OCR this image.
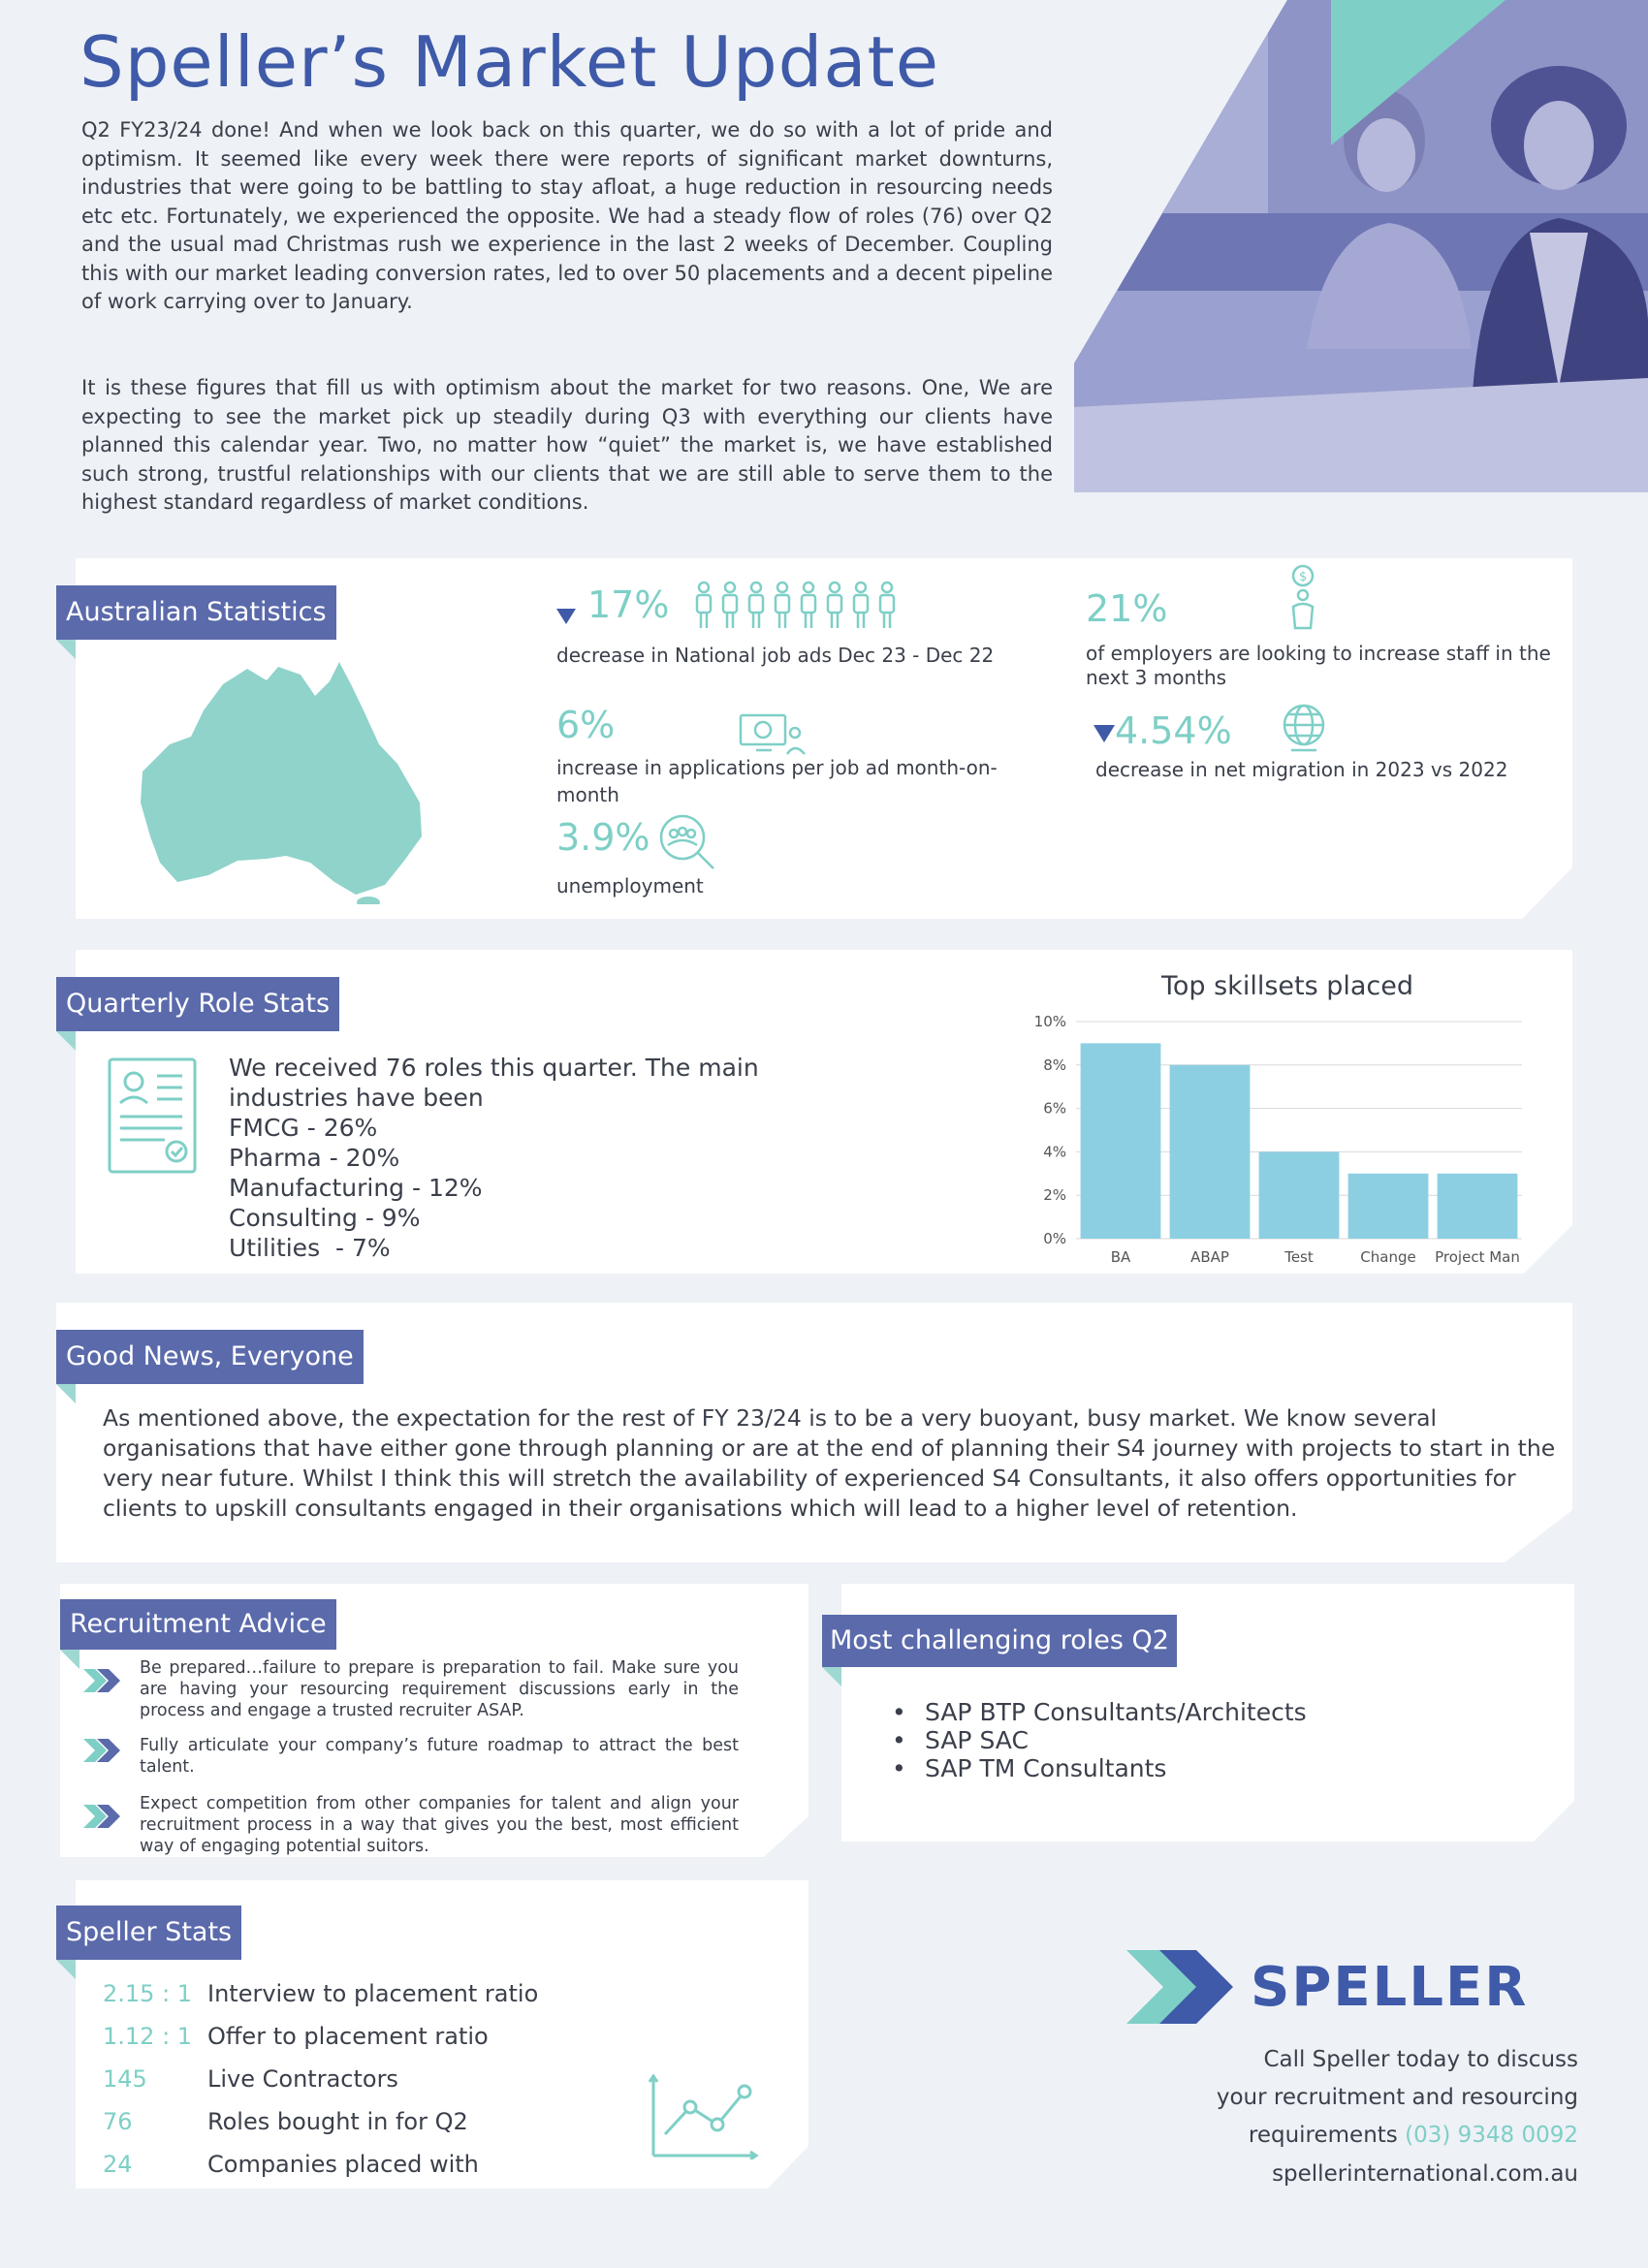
Speller’s Market Update
Q2 FY23/24 done! And when we look back on this quarter, we do so with a lot of pride and optimism. It seemed like every week there were reports of significant market downturns, industries that were going to be battling to stay afloat, a huge reduction in resourcing needs etc etc. Fortunately, we experienced the opposite. We had a steady flow of roles (76) over Q2 and the usual mad Christmas rush we experience in the last 2 weeks of December. Coupling this with our market leading conversion rates, led to over 50 placements and a decent pipeline of work carrying over to January.
It is these figures that fill us with optimism about the market for two reasons. One, We are expecting to see the market pick up steadily during Q3 with everything our clients have planned this calendar year. Two, no matter how “quiet” the market is, we have established such strong, trustful relationships with our clients that we are still able to serve them to the highest standard regardless of market conditions.
Australian Statistics	17%
decrease in National job ads Dec 23 - Dec 22
21%
$
of employers are looking to increase staff in the next 3 months
6%
increase in applications per job ad month-on-month
4.54%
decrease in net migration in 2023 vs 2022
3.9%
unemployment
Quarterly Role Stats
We received 76 roles this quarter. The main
industries have been
FMCG - 26%
Pharma - 20%
Manufacturing - 12%
Consulting - 9%
Utilities  - 7%
Top skillsets placed
0%
2%
4%
6%
8%
10%
BA	ABAP	Test	Change Project Man
Good News, Everyone
As mentioned above, the expectation for the rest of FY 23/24 is to be a very buoyant, busy market. We know several organisations that have either gone through planning or are at the end of planning their S4 journey with projects to start in the very near future. Whilst I think this will stretch the availability of experienced S4 Consultants, it also offers opportunities for clients to upskill consultants engaged in their organisations which will lead to a higher level of retention.
Recruitment Advice
Be prepared…failure to prepare is preparation to fail. Make sure you are having your resourcing requirement discussions early in the process and engage a trusted recruiter ASAP.
Fully articulate your company’s future roadmap to attract the best talent.
Expect competition from other companies for talent and align your recruitment process in a way that gives you the best, most efficient way of engaging potential suitors.
Most challenging roles Q2
• SAP BTP Consultants/Architects
• SAP SAC
• SAP TM Consultants
Speller Stats
2.15 : 1 Interview to placement ratio
1.12 : 1 Offer to placement ratio
145	Live Contractors
76	Roles bought in for Q2
24	Companies placed with
SPELLER
Call Speller today to discuss
your recruitment and resourcing
requirements (03) 9348 0092
spellerinternational.com.au
